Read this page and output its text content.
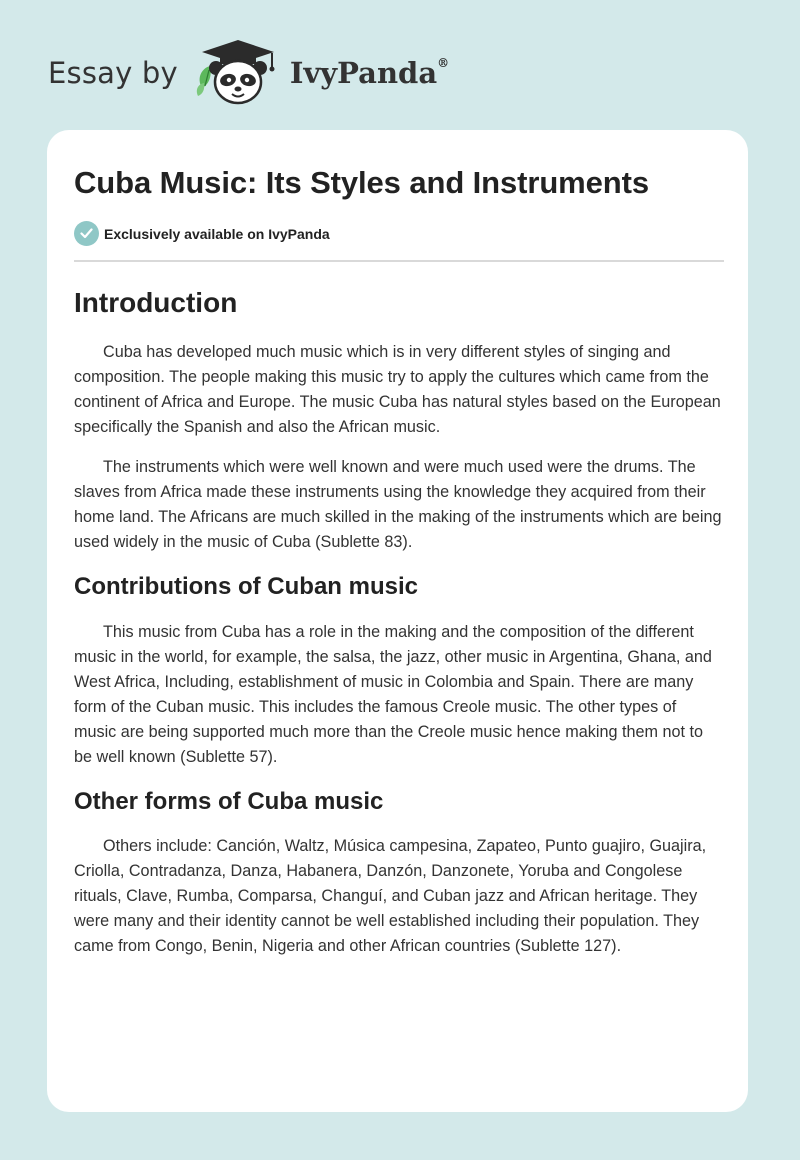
Essay by	IvyPanda®
Cuba Music: Its Styles and Instruments
Exclusively available on IvyPanda
Introduction

Cuba has developed much music which is in very different styles of singing and composition. The people making this music try to apply the cultures which came from the continent of Africa and Europe. The music Cuba has natural styles based on the European specifically the Spanish and also the African music.

The instruments which were well known and were much used were the drums. The slaves from Africa made these instruments using the knowledge they acquired from their home land. The Africans are much skilled in the making of the instruments which are being used widely in the music of Cuba (Sublette 83).

Contributions of Cuban music

This music from Cuba has a role in the making and the composition of the different music in the world, for example, the salsa, the jazz, other music in Argentina, Ghana, and West Africa, Including, establishment of music in Colombia and Spain. There are many form of the Cuban music. This includes the famous Creole music. The other types of music are being supported much more than the Creole music hence making them not to be well known (Sublette 57).

Other forms of Cuba music

Others include: Canción, Waltz, Música campesina, Zapateo, Punto guajiro, Guajira, Criolla, Contradanza, Danza, Habanera, Danzón, Danzonete, Yoruba and Congolese rituals, Clave, Rumba, Comparsa, Changuí, and Cuban jazz and African heritage. They were many and their identity cannot be well established including their population. They came from Congo, Benin, Nigeria and other African countries (Sublette 127).
